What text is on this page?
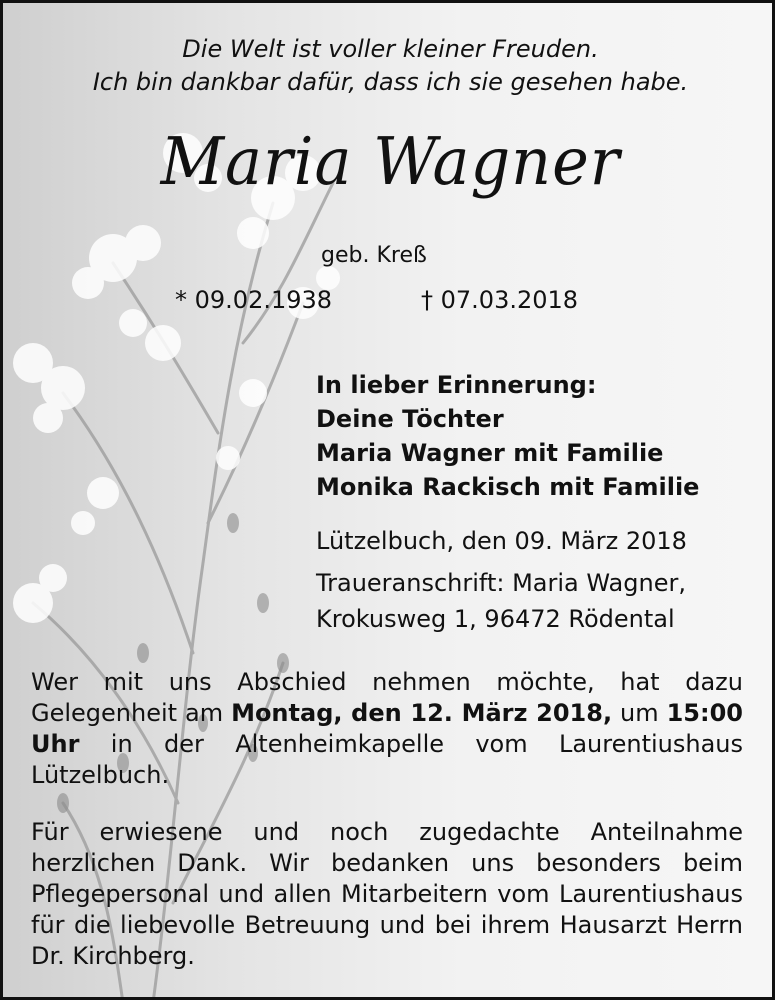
Die Welt ist voller kleiner Freuden.
Ich bin dankbar dafür, dass ich sie gesehen habe.
Maria Wagner
geb. Kreß
* 09.02.1938	† 07.03.2018
In lieber Erinnerung:
Deine Töchter
Maria Wagner mit Familie
Monika Rackisch mit Familie
Lützelbuch, den 09. März 2018
Traueranschrift: Maria Wagner,
Krokusweg 1, 96472 Rödental
Wer mit uns Abschied nehmen möchte, hat dazu Gelegenheit am Montag, den 12. März 2018, um 15:00 Uhr in der Altenheimkapelle vom Laurentiushaus Lützelbuch.
Für erwiesene und noch zugedachte Anteilnahme herzlichen Dank. Wir bedanken uns besonders beim Pflegepersonal und allen Mitarbeitern vom Laurentiushaus für die liebevolle Betreuung und bei ihrem Hausarzt Herrn Dr. Kirchberg.
